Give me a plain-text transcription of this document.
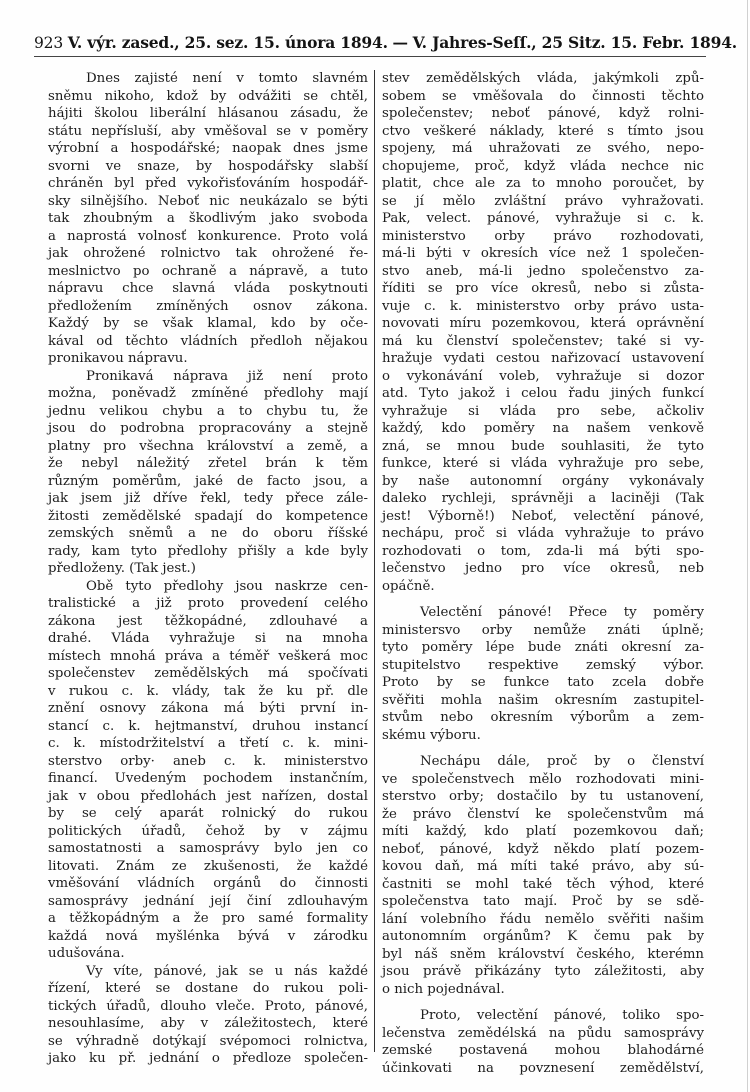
923 V. výr. zased., 25. sez. 15. února 1894. — V. Jahres-Seſſ., 25 Sitz. 15. Febr. 1894.
Dnes zajisté není v tomto slavném
sněmu nikoho, kdož by odvážiti se chtěl,
hájiti školou liberální hlásanou zásadu, že
státu nepřísluší, aby vměšoval se v poměry
výrobní a hospodářské; naopak dnes jsme
svorni ve snaze, by hospodářsky slabší
chráněn byl před vykořisťováním hospodář-
sky silnějšího. Neboť nic neukázalo se býti
tak zhoubným a škodlivým jako svoboda
a naprostá volnosť konkurence. Proto volá
jak ohrožené rolnictvo tak ohrožené ře-
meslnictvo po ochraně a nápravě, a tuto
nápravu chce slavná vláda poskytnouti
předložením zmíněných osnov zákona.
Každý by se však klamal, kdo by oče-
kával od těchto vládních předloh nějakou
pronikavou nápravu.
Pronikavá náprava již není proto
možna, poněvadž zmíněné předlohy mají
jednu velikou chybu a to chybu tu, že
jsou do podrobna propracovány a stejně
platny pro všechna království a země, a
že nebyl náležitý zřetel brán k těm
různým poměrům, jaké de facto jsou, a
jak jsem již dříve řekl, tedy přece zále-
žitosti zemědělské spadají do kompetence
zemských sněmů a ne do oboru říšské
rady, kam tyto předlohy přišly a kde byly
předloženy. (Tak jest.)
Obě tyto předlohy jsou naskrze cen-
tralistické a již proto provedení celého
zákona jest těžkopádné, zdlouhavé a
drahé. Vláda vyhražuje si na mnoha
místech mnohá práva a téměř veškerá moc
společenstev zemědělských má spočívati
v rukou c. k. vlády, tak že ku př. dle
znění osnovy zákona má býti první in-
stancí c. k. hejtmanství, druhou instancí
c. k. místodržitelství a třetí c. k. mini-
sterstvo orby· aneb c. k. ministerstvo
financí. Uvedeným pochodem instančním,
jak v obou předlohách jest nařízen, dostal
by se celý aparát rolnický do rukou
politických úřadů, čehož by v zájmu
samostatnosti a samosprávy bylo jen co
litovati. Znám ze zkušenosti, že každé
vměšování vládních orgánů do činnosti
samosprávy jednání její činí zdlouhavým
a těžkopádným a že pro samé formality
každá nová myšlénka bývá v zárodku
udušována.
Vy víte, pánové, jak se u nás každé
řízení, které se dostane do rukou poli-
tických úřadů, dlouho vleče. Proto, pánové,
nesouhlasíme, aby v záležitostech, které
se výhradně dotýkají svépomoci rolnictva,
jako ku př. jednání o předloze společen-
stev zemědělských vláda, jakýmkoli způ-
sobem se vměšovala do činnosti těchto
společenstev; neboť pánové, když rolni-
ctvo veškeré náklady, které s tímto jsou
spojeny, má uhražovati ze svého, nepo-
chopujeme, proč, když vláda nechce nic
platit, chce ale za to mnoho poroučet, by
se jí mělo zvláštní právo vyhražovati.
Pak, velect. pánové, vyhražuje si c. k.
ministerstvo orby právo rozhodovati,
má-li býti v okresích více než 1 společen-
stvo aneb, má-li jedno společenstvo za-
říditi se pro více okresů, nebo si zůsta-
vuje c. k. ministerstvo orby právo usta-
novovati míru pozemkovou, která oprávnění
má ku členství společenstev; také si vy-
hražuje vydati cestou nařizovací ustavovení
o vykonávání voleb, vyhražuje si dozor
atd. Tyto jakož i celou řadu jiných funkcí
vyhražuje si vláda pro sebe, ačkoliv
každý, kdo poměry na našem venkově
zná, se mnou bude souhlasiti, že tyto
funkce, které si vláda vyhražuje pro sebe,
by naše autonomní orgány vykonávaly
daleko rychleji, správněji a laciněji (Tak
jest! Výborně!) Neboť, velectění pánové,
nechápu, proč si vláda vyhražuje to právo
rozhodovati o tom, zda-li má býti spo-
lečenstvo jedno pro více okresů, neb
opáčně.
Velectění pánové! Přece ty poměry
ministersvo orby nemůže znáti úplně;
tyto poměry lépe bude znáti okresní za-
stupitelstvo respektive zemský výbor.
Proto by se funkce tato zcela dobře
svěřiti mohla našim okresním zastupitel-
stvům nebo okresním výborům a zem-
skému výboru.
Nechápu dále, proč by o členství
ve společenstvech mělo rozhodovati mini-
sterstvo orby; dostačilo by tu ustanovení,
že právo členství ke společenstvům má
míti každý, kdo platí pozemkovou daň;
neboť, pánové, když někdo platí pozem-
kovou daň, má míti také právo, aby sú-
častniti se mohl také těch výhod, které
společenstva tato mají. Proč by se sdě-
lání volebního řádu nemělo svěřiti našim
autonomním orgánům? K čemu pak by
byl náš sněm království českého, kterémn
jsou právě přikázány tyto záležitosti, aby
o nich pojednával.
Proto, velectění pánové, toliko spo-
lečenstva zemědélská na půdu samosprávy
zemské postavená mohou blahodárné
účinkovati na povznesení zemědělství,
